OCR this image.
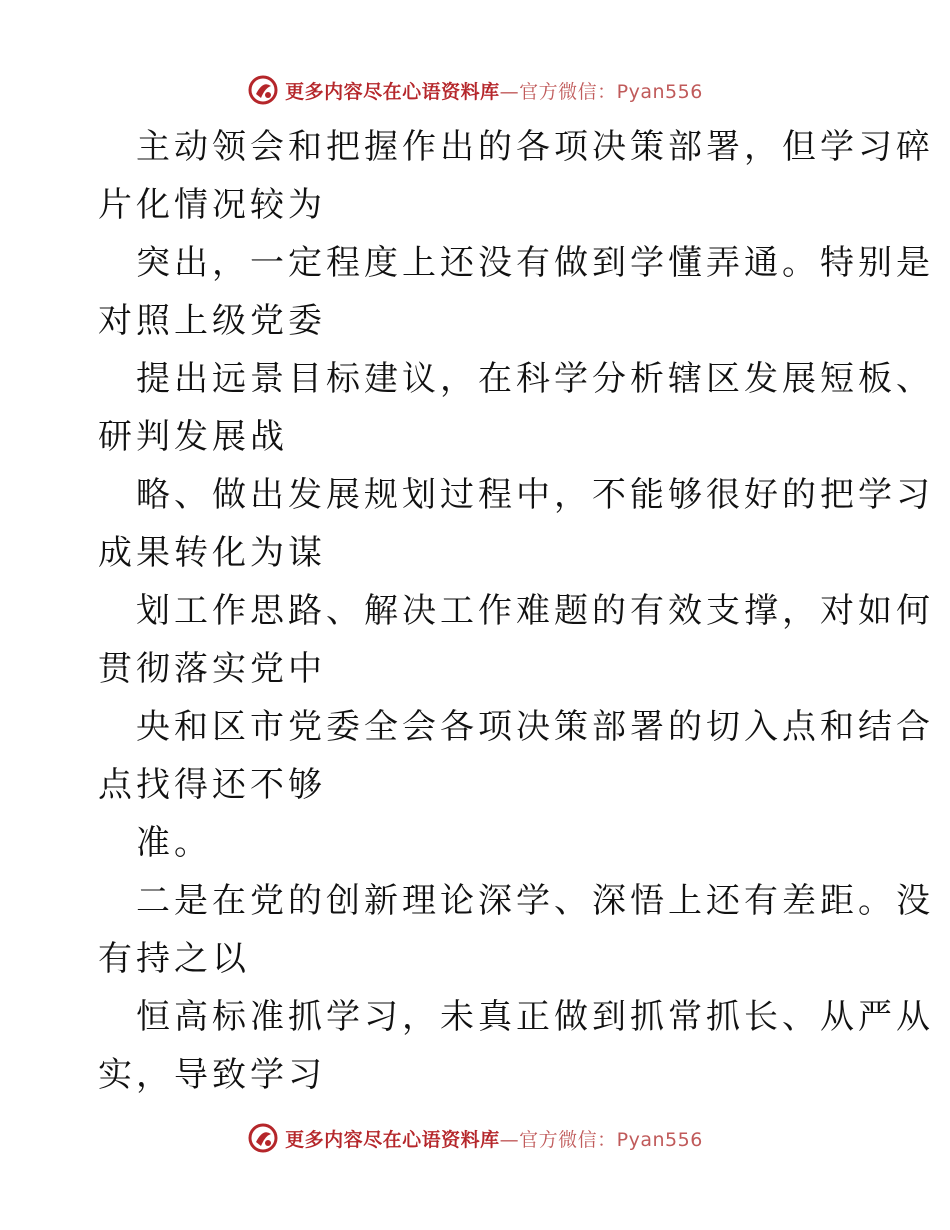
更多内容尽在心语资料库—官方微信：Pyan556
主动领会和把握作出的各项决策部署，但学习碎
片化情况较为
突出，一定程度上还没有做到学懂弄通。特别是
对照上级党委
提出远景目标建议，在科学分析辖区发展短板、
研判发展战
略、做出发展规划过程中，不能够很好的把学习
成果转化为谋
划工作思路、解决工作难题的有效支撑，对如何
贯彻落实党中
央和区市党委全会各项决策部署的切入点和结合
点找得还不够
准。
二是在党的创新理论深学、深悟上还有差距。没
有持之以
恒高标准抓学习，未真正做到抓常抓长、从严从
实，导致学习
更多内容尽在心语资料库—官方微信：Pyan556
